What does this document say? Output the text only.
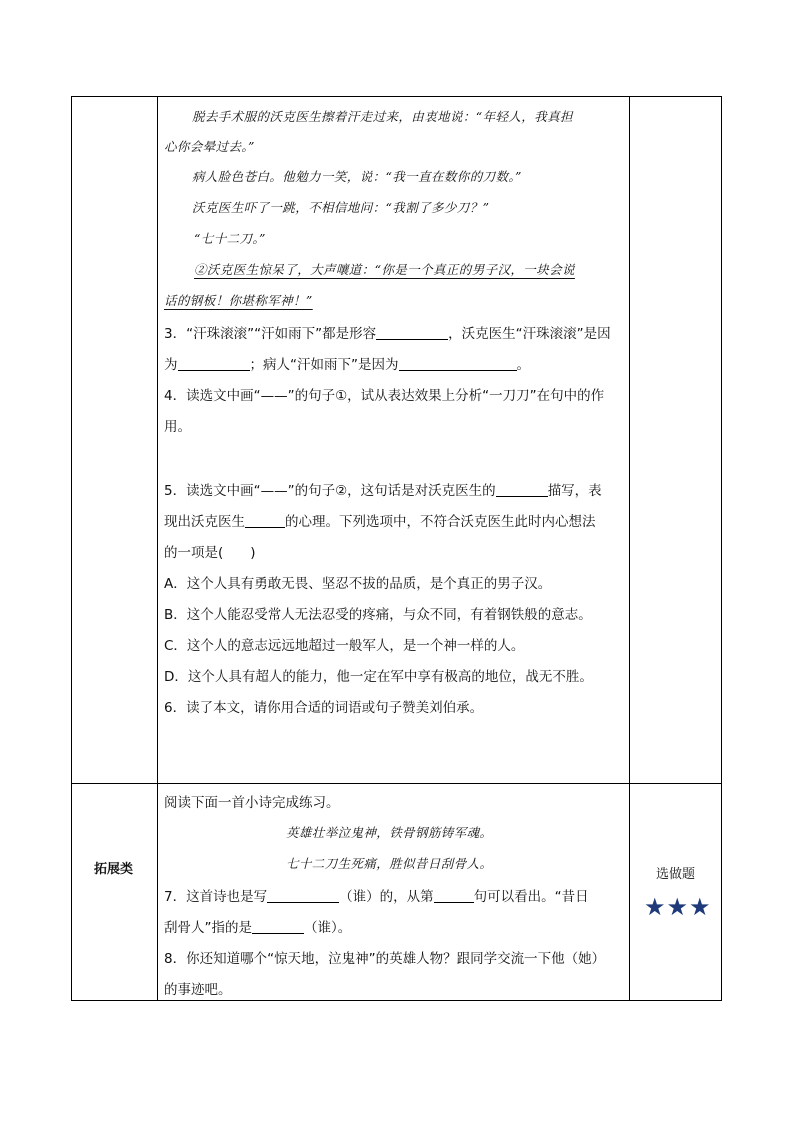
脱去手术服的沃克医生擦着汗走过来，由衷地说：“年轻人，我真担
心你会晕过去。”
病人脸色苍白。他勉力一笑，说：“我一直在数你的刀数。”
沃克医生吓了一跳，不相信地问：“我割了多少刀？”
“七十二刀。”
②沃克医生惊呆了，大声嚷道：“你是一个真正的男子汉，一块会说
话的钢板！你堪称军神！”
3．“汗珠滚滚”“汗如雨下”都是形容	，沃克医生“汗珠滚滚”是因
为	；病人“汗如雨下”是因为	。
4．读选文中画“——”的句子①，试从表达效果上分析“一刀刀”在句中的作
用。
5．读选文中画“——”的句子②，这句话是对沃克医生的	描写，表
现出沃克医生	的心理。下列选项中，不符合沃克医生此时内心想法
的一项是(　　)
A．这个人具有勇敢无畏、坚忍不拔的品质，是个真正的男子汉。
B．这个人能忍受常人无法忍受的疼痛，与众不同，有着钢铁般的意志。
C．这个人的意志远远地超过一般军人，是一个神一样的人。
D．这个人具有超人的能力，他一定在军中享有极高的地位，战无不胜。
6．读了本文，请你用合适的词语或句子赞美刘伯承。
拓展类
阅读下面一首小诗完成练习。
英雄壮举泣鬼神，铁骨钢筋铸军魂。
七十二刀生死痛，胜似昔日刮骨人。
7．这首诗也是写	（谁）的，从第	句可以看出。“昔日
刮骨人”指的是	（谁）。
8．你还知道哪个“惊天地，泣鬼神”的英雄人物？跟同学交流一下他（她）
的事迹吧。
选做题
★★★
